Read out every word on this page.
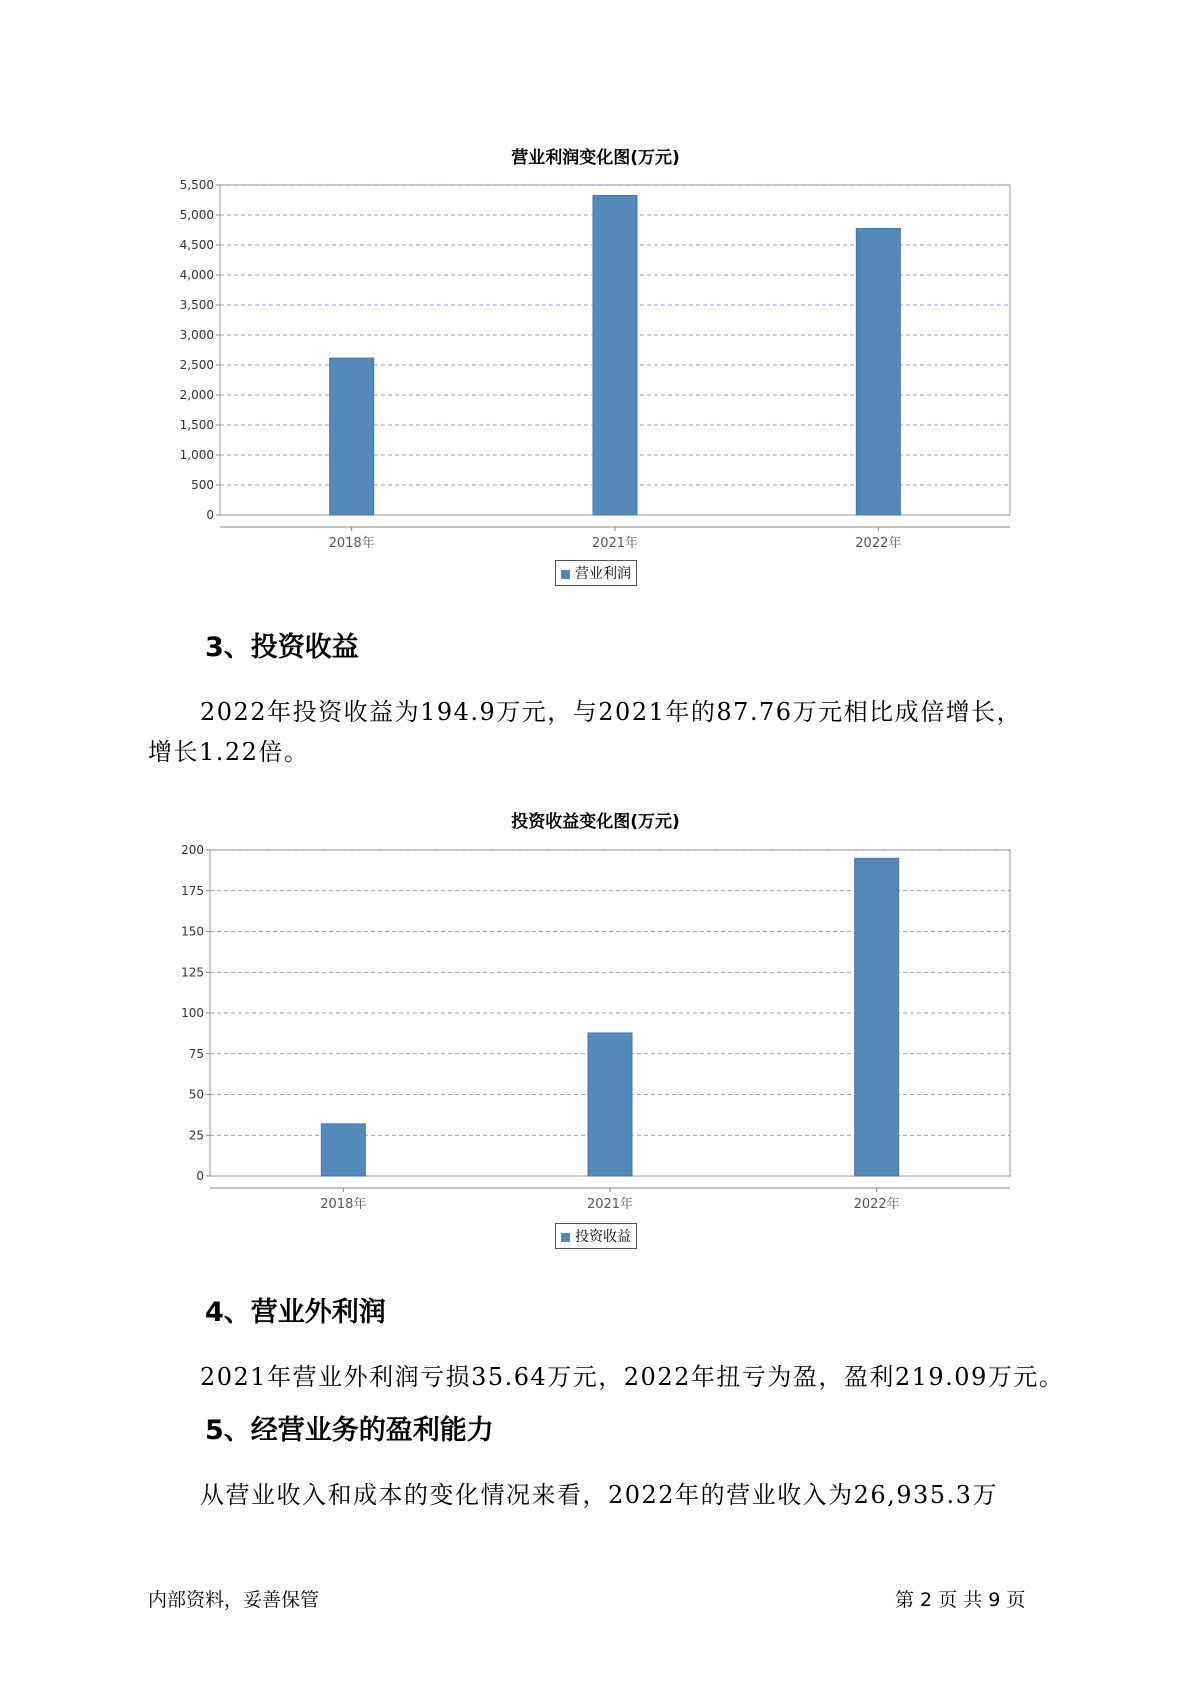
营业利润变化图(万元)
0
500
1,000
1,500
2,000
2,500
3,000
3,500
4,000
4,500
5,000
5,500
2018年	2021年	2022年
营业利润
3、投资收益
2022年投资收益为194.9万元，与2021年的87.76万元相比成倍增长，
增长1.22倍。
投资收益变化图(万元)
0
25
50
75
100
125
150
175
200
2018年	2021年	2022年
投资收益
4、营业外利润
2021年营业外利润亏损35.64万元，2022年扭亏为盈，盈利219.09万元。
5、经营业务的盈利能力
从营业收入和成本的变化情况来看，2022年的营业收入为26,935.3万
内部资料，妥善保管	第 2 页 共 9 页
